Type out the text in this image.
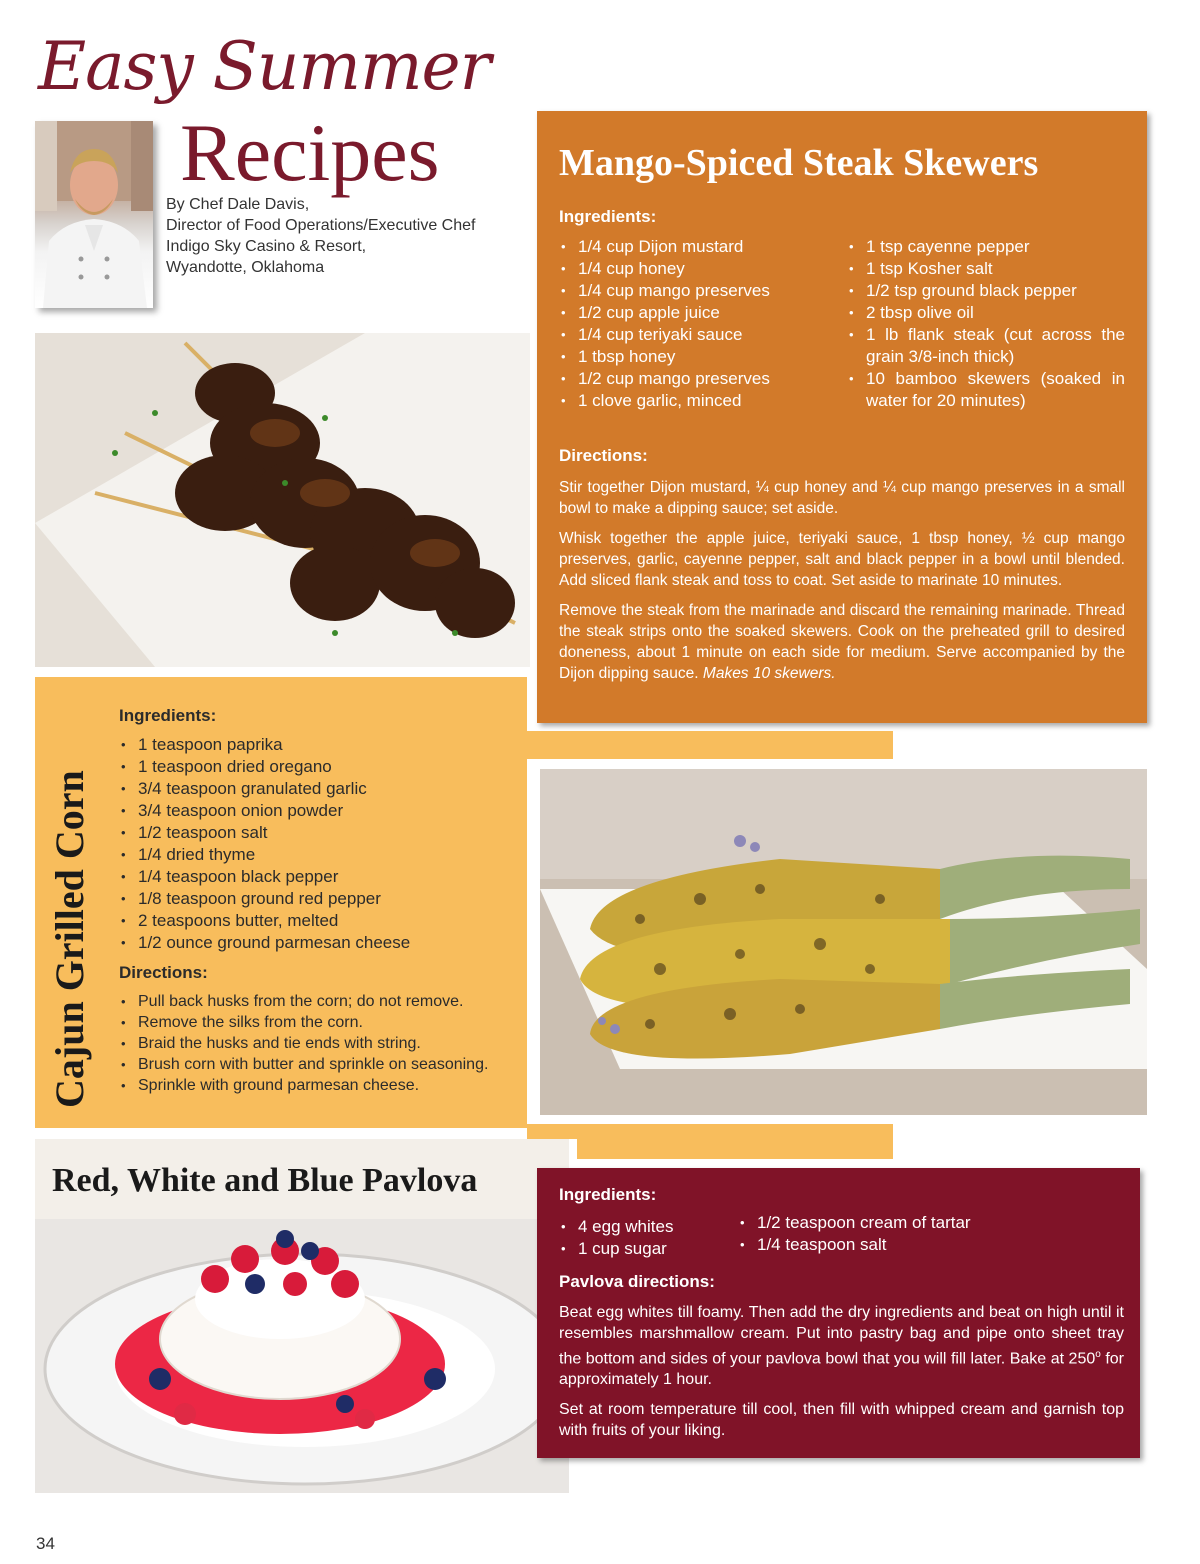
Easy Summer
Recipes
By Chef Dale Davis,
Director of Food Operations/Executive Chef
Indigo Sky Casino & Resort,
Wyandotte, Oklahoma
Mango-Spiced Steak Skewers
Ingredients:
• 1/4 cup Dijon mustard
• 1/4 cup honey
• 1/4 cup mango preserves
• 1/2 cup apple juice
• 1/4 cup teriyaki sauce
• 1 tbsp honey
• 1/2 cup mango preserves
• 1 clove garlic, minced
• 1 tsp cayenne pepper
• 1 tsp Kosher salt
• 1/2 tsp ground black pepper
• 2 tbsp olive oil
• 1 lb flank steak (cut across the grain 3/8-inch thick)
• 10 bamboo skewers (soaked in water for 20 minutes)
Directions:

Stir together Dijon mustard, ¼ cup honey and ¼ cup mango preserves in a small bowl to make a dipping sauce; set aside.

Whisk together the apple juice, teriyaki sauce, 1 tbsp honey, ½ cup mango preserves, garlic, cayenne pepper, salt and black pepper in a bowl until blended. Add sliced flank steak and toss to coat. Set aside to marinate 10 minutes.

Remove the steak from the marinade and discard the remaining marinade. Thread the steak strips onto the soaked skewers. Cook on the preheated grill to desired doneness, about 1 minute on each side for medium. Serve accompanied by the Dijon dipping sauce. Makes 10 skewers.

Cajun Grilled Corn
Ingredients:
• 1 teaspoon paprika
• 1 teaspoon dried oregano
• 3/4 teaspoon granulated garlic
• 3/4 teaspoon onion powder
• 1/2 teaspoon salt
• 1/4 dried thyme
• 1/4 teaspoon black pepper
• 1/8 teaspoon ground red pepper
• 2 teaspoons butter, melted
• 1/2 ounce ground parmesan cheese
Directions:
• Pull back husks from the corn; do not remove.
• Remove the silks from the corn.
• Braid the husks and tie ends with string.
• Brush corn with butter and sprinkle on seasoning.
• Sprinkle with ground parmesan cheese.
Red, White and Blue Pavlova	Ingredients:
• 4 egg whites
• 1 cup sugar
• 1/2 teaspoon cream of tartar
• 1/4 teaspoon salt
Pavlova directions:

Beat egg whites till foamy. Then add the dry ingredients and beat on high until it resembles marshmallow cream. Put into pastry bag and pipe onto sheet tray the bottom and sides of your pavlova bowl that you will fill later. Bake at 250$^o$ for approximately 1 hour.

Set at room temperature till cool, then fill with whipped cream and garnish top with fruits of your liking.

34
